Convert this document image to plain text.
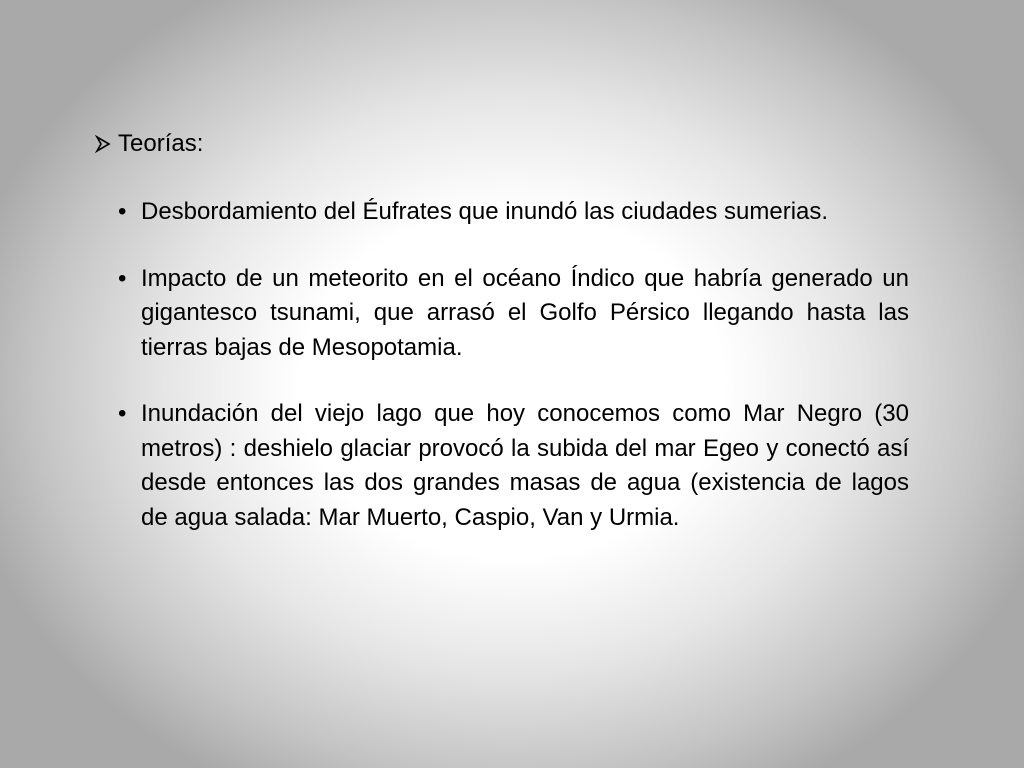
Teorías:
• Desbordamiento del Éufrates que inundó las ciudades sumerias.
• Impacto de un meteorito en el océano Índico que habría generado un gigantesco tsunami, que arrasó el Golfo Pérsico llegando hasta las tierras bajas de Mesopotamia.
• Inundación del viejo lago que hoy conocemos como Mar Negro (30 metros) : deshielo glaciar provocó la subida del mar Egeo y conectó así desde entonces las dos grandes masas de agua (existencia de lagos de agua salada: Mar Muerto, Caspio, Van y Urmia.
